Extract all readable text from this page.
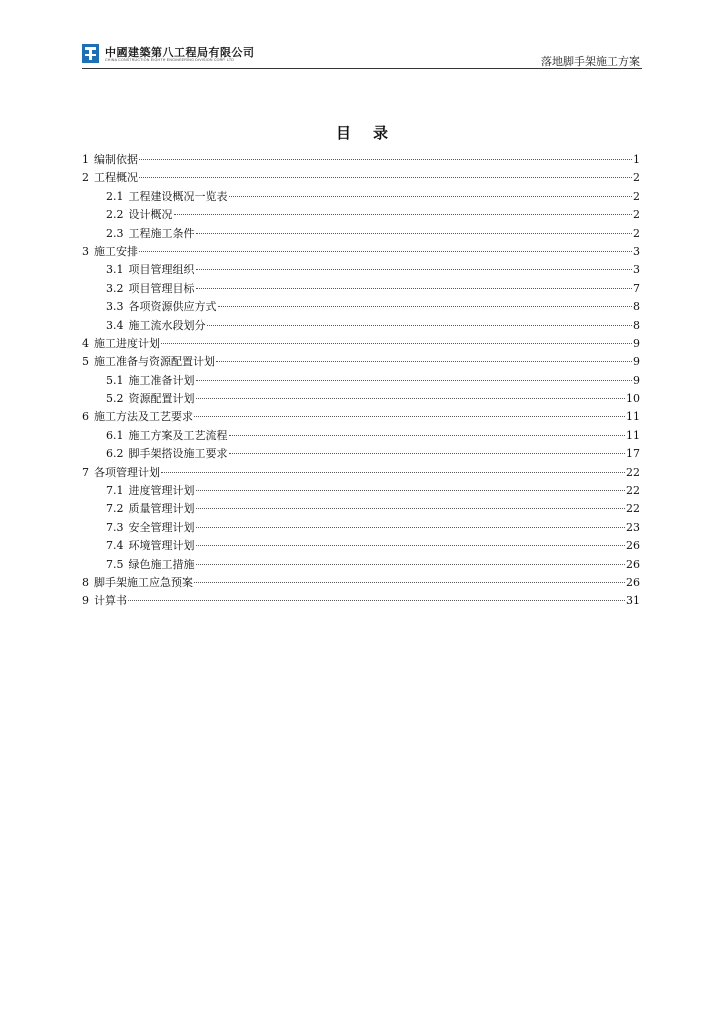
中國建築第八工程局有限公司
CHINA CONSTRUCTION EIGHTH ENGINEERING DIVISION CORP. LTD	落地脚手架施工方案
目录
1 编制依据	1
2 工程概况	2
2.1 工程建设概况一览表	2
2.2 设计概况	2
2.3 工程施工条件	2
3 施工安排	3
3.1 项目管理组织	3
3.2 项目管理目标	7
3.3 各项资源供应方式	8
3.4 施工流水段划分	8
4 施工进度计划	9
5 施工准备与资源配置计划	9
5.1 施工准备计划	9
5.2 资源配置计划	10
6 施工方法及工艺要求	11
6.1 施工方案及工艺流程	11
6.2 脚手架搭设施工要求	17
7 各项管理计划	22
7.1 进度管理计划	22
7.2 质量管理计划	22
7.3 安全管理计划	23
7.4 环境管理计划	26
7.5 绿色施工措施	26
8 脚手架施工应急预案	26
9 计算书	31
